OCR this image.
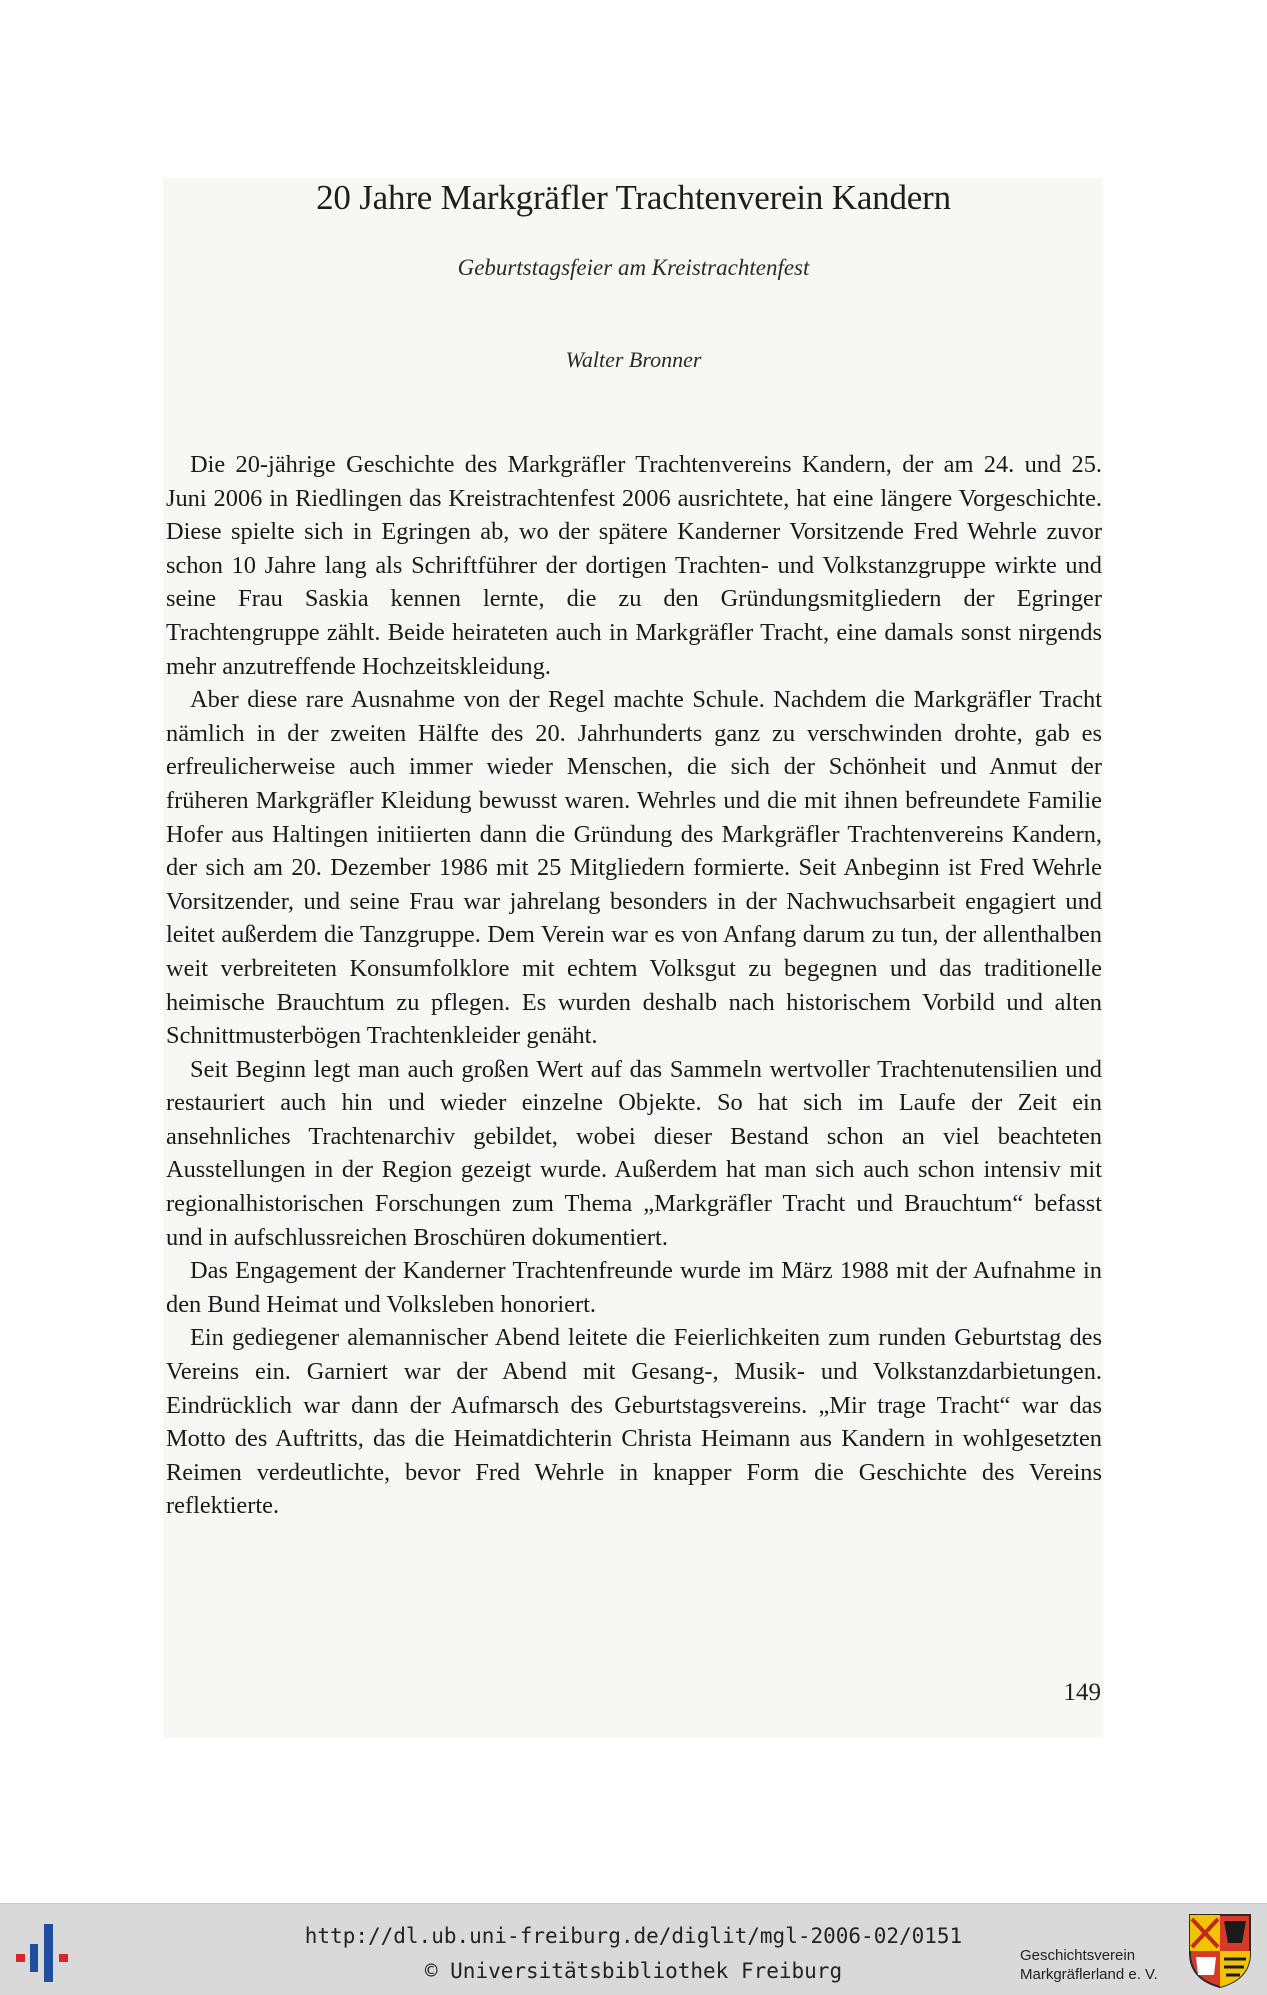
20 Jahre Markgräfler Trachtenverein Kandern
Geburtstagsfeier am Kreistrachtenfest
Walter Bronner

Die 20-jährige Geschichte des Markgräfler Trachtenvereins Kandern, der am 24. und 25. Juni 2006 in Riedlingen das Kreistrachtenfest 2006 ausrichtete, hat eine längere Vorgeschichte. Diese spielte sich in Egringen ab, wo der spätere Kanderner Vorsitzende Fred Wehrle zuvor schon 10 Jahre lang als Schriftführer der dortigen Trachten- und Volkstanzgruppe wirkte und seine Frau Saskia kennen lernte, die zu den Gründungsmitgliedern der Egringer Trachtengruppe zählt. Beide heirateten auch in Markgräfler Tracht, eine damals sonst nirgends mehr anzutreffende Hochzeitskleidung.

Aber diese rare Ausnahme von der Regel machte Schule. Nachdem die Markgräfler Tracht nämlich in der zweiten Hälfte des 20. Jahrhunderts ganz zu verschwinden drohte, gab es erfreulicherweise auch immer wieder Menschen, die sich der Schönheit und Anmut der früheren Markgräfler Kleidung bewusst waren. Wehrles und die mit ihnen befreundete Familie Hofer aus Haltingen initiierten dann die Gründung des Markgräfler Trachtenvereins Kandern, der sich am 20. Dezember 1986 mit 25 Mitgliedern formierte. Seit Anbeginn ist Fred Wehrle Vorsitzender, und seine Frau war jahrelang besonders in der Nachwuchsarbeit engagiert und leitet außerdem die Tanzgruppe. Dem Verein war es von Anfang darum zu tun, der allenthalben weit verbreiteten Konsumfolklore mit echtem Volksgut zu begegnen und das traditionelle heimische Brauchtum zu pflegen. Es wurden deshalb nach historischem Vorbild und alten Schnittmusterbögen Trachtenkleider genäht.

Seit Beginn legt man auch großen Wert auf das Sammeln wertvoller Trachtenutensilien und restauriert auch hin und wieder einzelne Objekte. So hat sich im Laufe der Zeit ein ansehnliches Trachtenarchiv gebildet, wobei dieser Bestand schon an viel beachteten Ausstellungen in der Region gezeigt wurde. Außerdem hat man sich auch schon intensiv mit regionalhistorischen Forschungen zum Thema „Markgräfler Tracht und Brauchtum“ befasst und in aufschlussreichen Broschüren dokumentiert.

Das Engagement der Kanderner Trachtenfreunde wurde im März 1988 mit der Aufnahme in den Bund Heimat und Volksleben honoriert.

Ein gediegener alemannischer Abend leitete die Feierlichkeiten zum runden Geburtstag des Vereins ein. Garniert war der Abend mit Gesang-, Musik- und Volkstanzdarbietungen. Eindrücklich war dann der Aufmarsch des Geburtstagsvereins. „Mir trage Tracht“ war das Motto des Auftritts, das die Heimatdichterin Christa Heimann aus Kandern in wohlgesetzten Reimen verdeutlichte, bevor Fred Wehrle in knapper Form die Geschichte des Vereins reflektierte.

149
http://dl.ub.uni-freiburg.de/diglit/mgl-2006-02/0151
© Universitätsbibliothek Freiburg
Geschichtsverein
Markgräflerland e. V.
